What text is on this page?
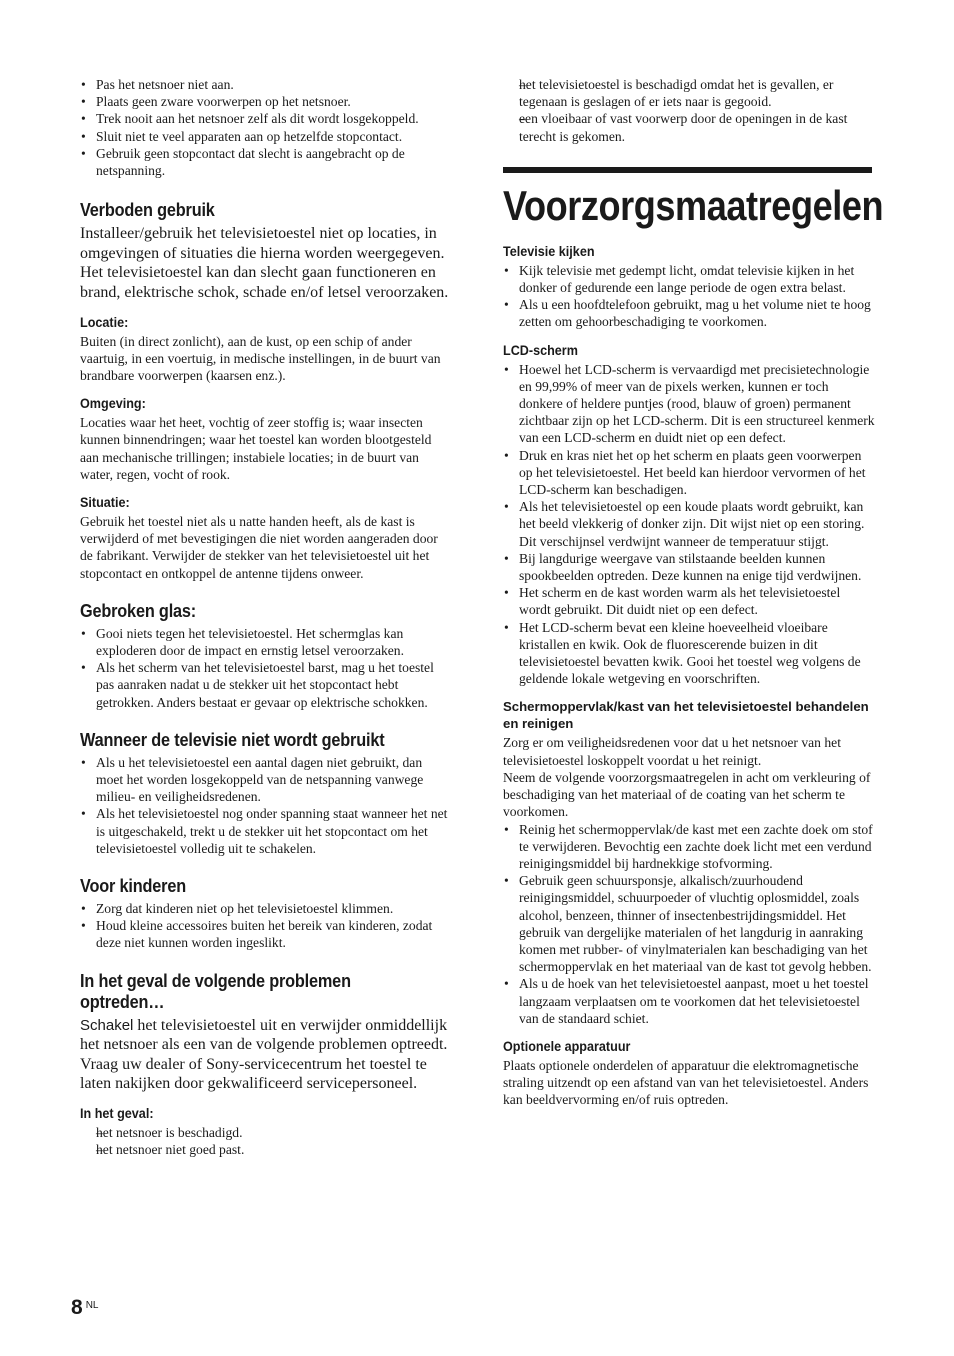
• Pas het netsnoer niet aan.
• Plaats geen zware voorwerpen op het netsnoer.
• Trek nooit aan het netsnoer zelf als dit wordt losgekoppeld.
• Sluit niet te veel apparaten aan op hetzelfde stopcontact.
• Gebruik geen stopcontact dat slecht is aangebracht op de netspanning.
Verboden gebruik

Installeer/gebruik het televisietoestel niet op locaties, in omgevingen of situaties die hierna worden weergegeven. Het televisietoestel kan dan slecht gaan functioneren en brand, elektrische schok, schade en/of letsel veroorzaken.

Locatie:

Buiten (in direct zonlicht), aan de kust, op een schip of ander vaartuig, in een voertuig, in medische instellingen, in de buurt van brandbare voorwerpen (kaarsen enz.).

Omgeving:

Locaties waar het heet, vochtig of zeer stoffig is; waar insecten kunnen binnendringen; waar het toestel kan worden blootgesteld aan mechanische trillingen; instabiele locaties; in de buurt van water, regen, vocht of rook.

Situatie:

Gebruik het toestel niet als u natte handen heeft, als de kast is verwijderd of met bevestigingen die niet worden aangeraden door de fabrikant. Verwijder de stekker van het televisietoestel uit het stopcontact en ontkoppel de antenne tijdens onweer.

Gebroken glas:
• Gooi niets tegen het televisietoestel. Het schermglas kan exploderen door de impact en ernstig letsel veroorzaken.
• Als het scherm van het televisietoestel barst, mag u het toestel pas aanraken nadat u de stekker uit het stopcontact hebt getrokken. Anders bestaat er gevaar op elektrische schokken.
Wanneer de televisie niet wordt gebruikt
• Als u het televisietoestel een aantal dagen niet gebruikt, dan moet het worden losgekoppeld van de netspanning vanwege milieu- en veiligheidsredenen.
• Als het televisietoestel nog onder spanning staat wanneer het net is uitgeschakeld, trekt u de stekker uit het stopcontact om het televisietoestel volledig uit te schakelen.
Voor kinderen
• Zorg dat kinderen niet op het televisietoestel klimmen.
• Houd kleine accessoires buiten het bereik van kinderen, zodat deze niet kunnen worden ingeslikt.
In het geval de volgende problemen optreden…

Schakel het televisietoestel uit en verwijder onmiddellijk het netsnoer als een van de volgende problemen optreedt.

Vraag uw dealer of Sony-servicecentrum het toestel te laten nakijken door gekwalificeerd servicepersoneel.

In het geval:
– het netsnoer is beschadigd.
– het netsnoer niet goed past.
– het televisietoestel is beschadigd omdat het is gevallen, er tegenaan is geslagen of er iets naar is gegooid.
– een vloeibaar of vast voorwerp door de openingen in de kast terecht is gekomen.
Voorzorgsmaatregelen
Televisie kijken
• Kijk televisie met gedempt licht, omdat televisie kijken in het donker of gedurende een lange periode de ogen extra belast.
• Als u een hoofdtelefoon gebruikt, mag u het volume niet te hoog zetten om gehoorbeschadiging te voorkomen.
LCD-scherm
• Hoewel het LCD-scherm is vervaardigd met precisietechnologie en 99,99% of meer van de pixels werken, kunnen er toch donkere of heldere puntjes (rood, blauw of groen) permanent zichtbaar zijn op het LCD-scherm. Dit is een structureel kenmerk van een LCD-scherm en duidt niet op een defect.
• Druk en kras niet het op het scherm en plaats geen voorwerpen op het televisietoestel. Het beeld kan hierdoor vervormen of het LCD-scherm kan beschadigen.
• Als het televisietoestel op een koude plaats wordt gebruikt, kan het beeld vlekkerig of donker zijn. Dit wijst niet op een storing. Dit verschijnsel verdwijnt wanneer de temperatuur stijgt.
• Bij langdurige weergave van stilstaande beelden kunnen spookbeelden optreden. Deze kunnen na enige tijd verdwijnen.
• Het scherm en de kast worden warm als het televisietoestel wordt gebruikt. Dit duidt niet op een defect.
• Het LCD-scherm bevat een kleine hoeveelheid vloeibare kristallen en kwik. Ook de fluorescerende buizen in dit televisietoestel bevatten kwik. Gooi het toestel weg volgens de geldende lokale wetgeving en voorschriften.
Schermoppervlak/kast van het televisietoestel behandelen en reinigen

Zorg er om veiligheidsredenen voor dat u het netsnoer van het televisietoestel loskoppelt voordat u het reinigt.

Neem de volgende voorzorgsmaatregelen in acht om verkleuring of beschadiging van het materiaal of de coating van het scherm te voorkomen.

• Reinig het schermoppervlak/de kast met een zachte doek om stof te verwijderen. Bevochtig een zachte doek licht met een verdund reinigingsmiddel bij hardnekkige stofvorming.
• Gebruik geen schuursponsje, alkalisch/zuurhoudend reinigingsmiddel, schuurpoeder of vluchtig oplosmiddel, zoals alcohol, benzeen, thinner of insectenbestrijdingsmiddel. Het gebruik van dergelijke materialen of het langdurig in aanraking komen met rubber- of vinylmaterialen kan beschadiging van het schermoppervlak en het materiaal van de kast tot gevolg hebben.
• Als u de hoek van het televisietoestel aanpast, moet u het toestel langzaam verplaatsen om te voorkomen dat het televisietoestel van de standaard schiet.
Optionele apparatuur

Plaats optionele onderdelen of apparatuur die elektromagnetische straling uitzendt op een afstand van van het televisietoestel. Anders kan beeldvervorming en/of ruis optreden.

8 $^{NL}$
